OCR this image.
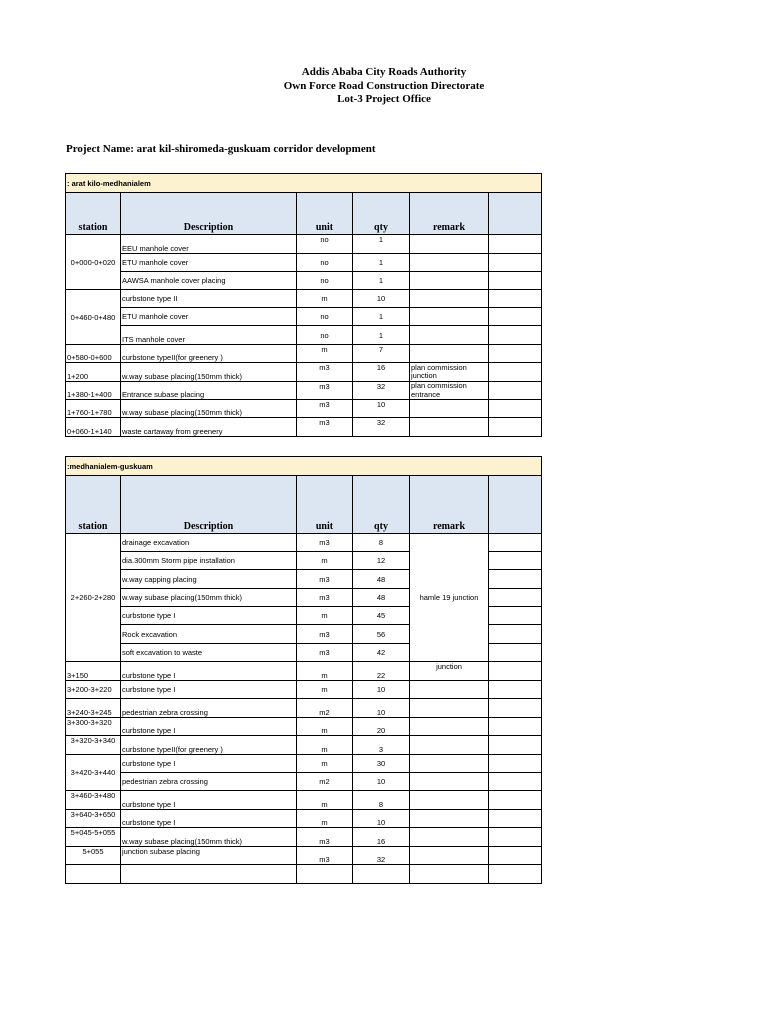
Addis Ababa City Roads Authority
Own Force Road Construction Directorate
Lot-3 Project Office
Project Name: arat kil-shiromeda-guskuam corridor development
: arat kilo-medhanialem					
station	Description	unit	qty	remark	
0+000-0+020	EEU manhole cover	no	1		
	ETU manhole cover	no	1		
	AAWSA manhole cover placing	no	1		
0+460-0+480	curbstone type II	m	10		
	ETU manhole cover	no	1		
	ITS manhole cover	no	1		
0+580-0+600	curbstone typeII(for greenery )	m	7		
1+200	w.way subase placing(150mm thick)	m3	16	plan commission junction	
1+380-1+400	Entrance subase placing	m3	32	plan commission entrance	
1+760-1+780	w.way subase placing(150mm thick)	m3	10		
0+060-1+140	waste cartaway from greenery	m3	32		
:medhanialem-guskuam					
station	Description	unit	qty	remark	
2+260-2+280	drainage excavation	m3	8	hamle 19 junction	
	dia.300mm Storm pipe installation	m	12		
	w.way capping placing	m3	48		
	w.way subase placing(150mm thick)	m3	48		
	curbstone type I	m	45		
	Rock excavation	m3	56		
	soft excavation to waste	m3	42		
3+150	curbstone type I	m	22	junction	
3+200-3+220	curbstone type I	m	10		
3+240-3+245	pedestrian zebra crossing	m2	10		
3+300-3+320	curbstone type I	m	20		
3+320-3+340	curbstone typeII(for greenery )	m	3		
3+420-3+440	curbstone type I	m	30		
	pedestrian zebra crossing	m2	10		
3+460-3+480	curbstone type I	m	8		
3+640-3+650	curbstone type I	m	10		
5+045-5+055	w.way subase placing(150mm thick)	m3	16		
5+055	junction subase placing	m3	32		
